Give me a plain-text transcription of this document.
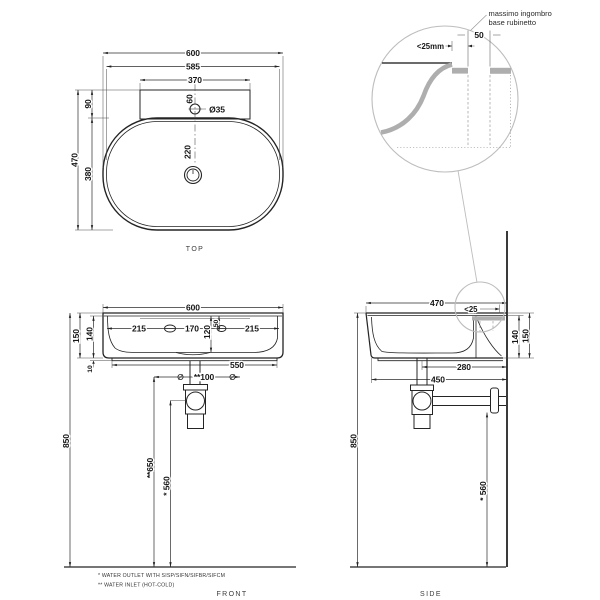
600
585
370
470
90
380
60
220
Ø35
TOP
215	170	215
120
50
150 140
10
850
600
550
**100
**650
* 560
* WATER OUTLET WITH SISP/SIFN/SIFBR/SIFCM
** WATER INLET (HOT-COLD)
FRONT
470
<25
140 150
280
450
850
* 560
SIDE
50
<25mm
massimo ingombro
base rubinetto
